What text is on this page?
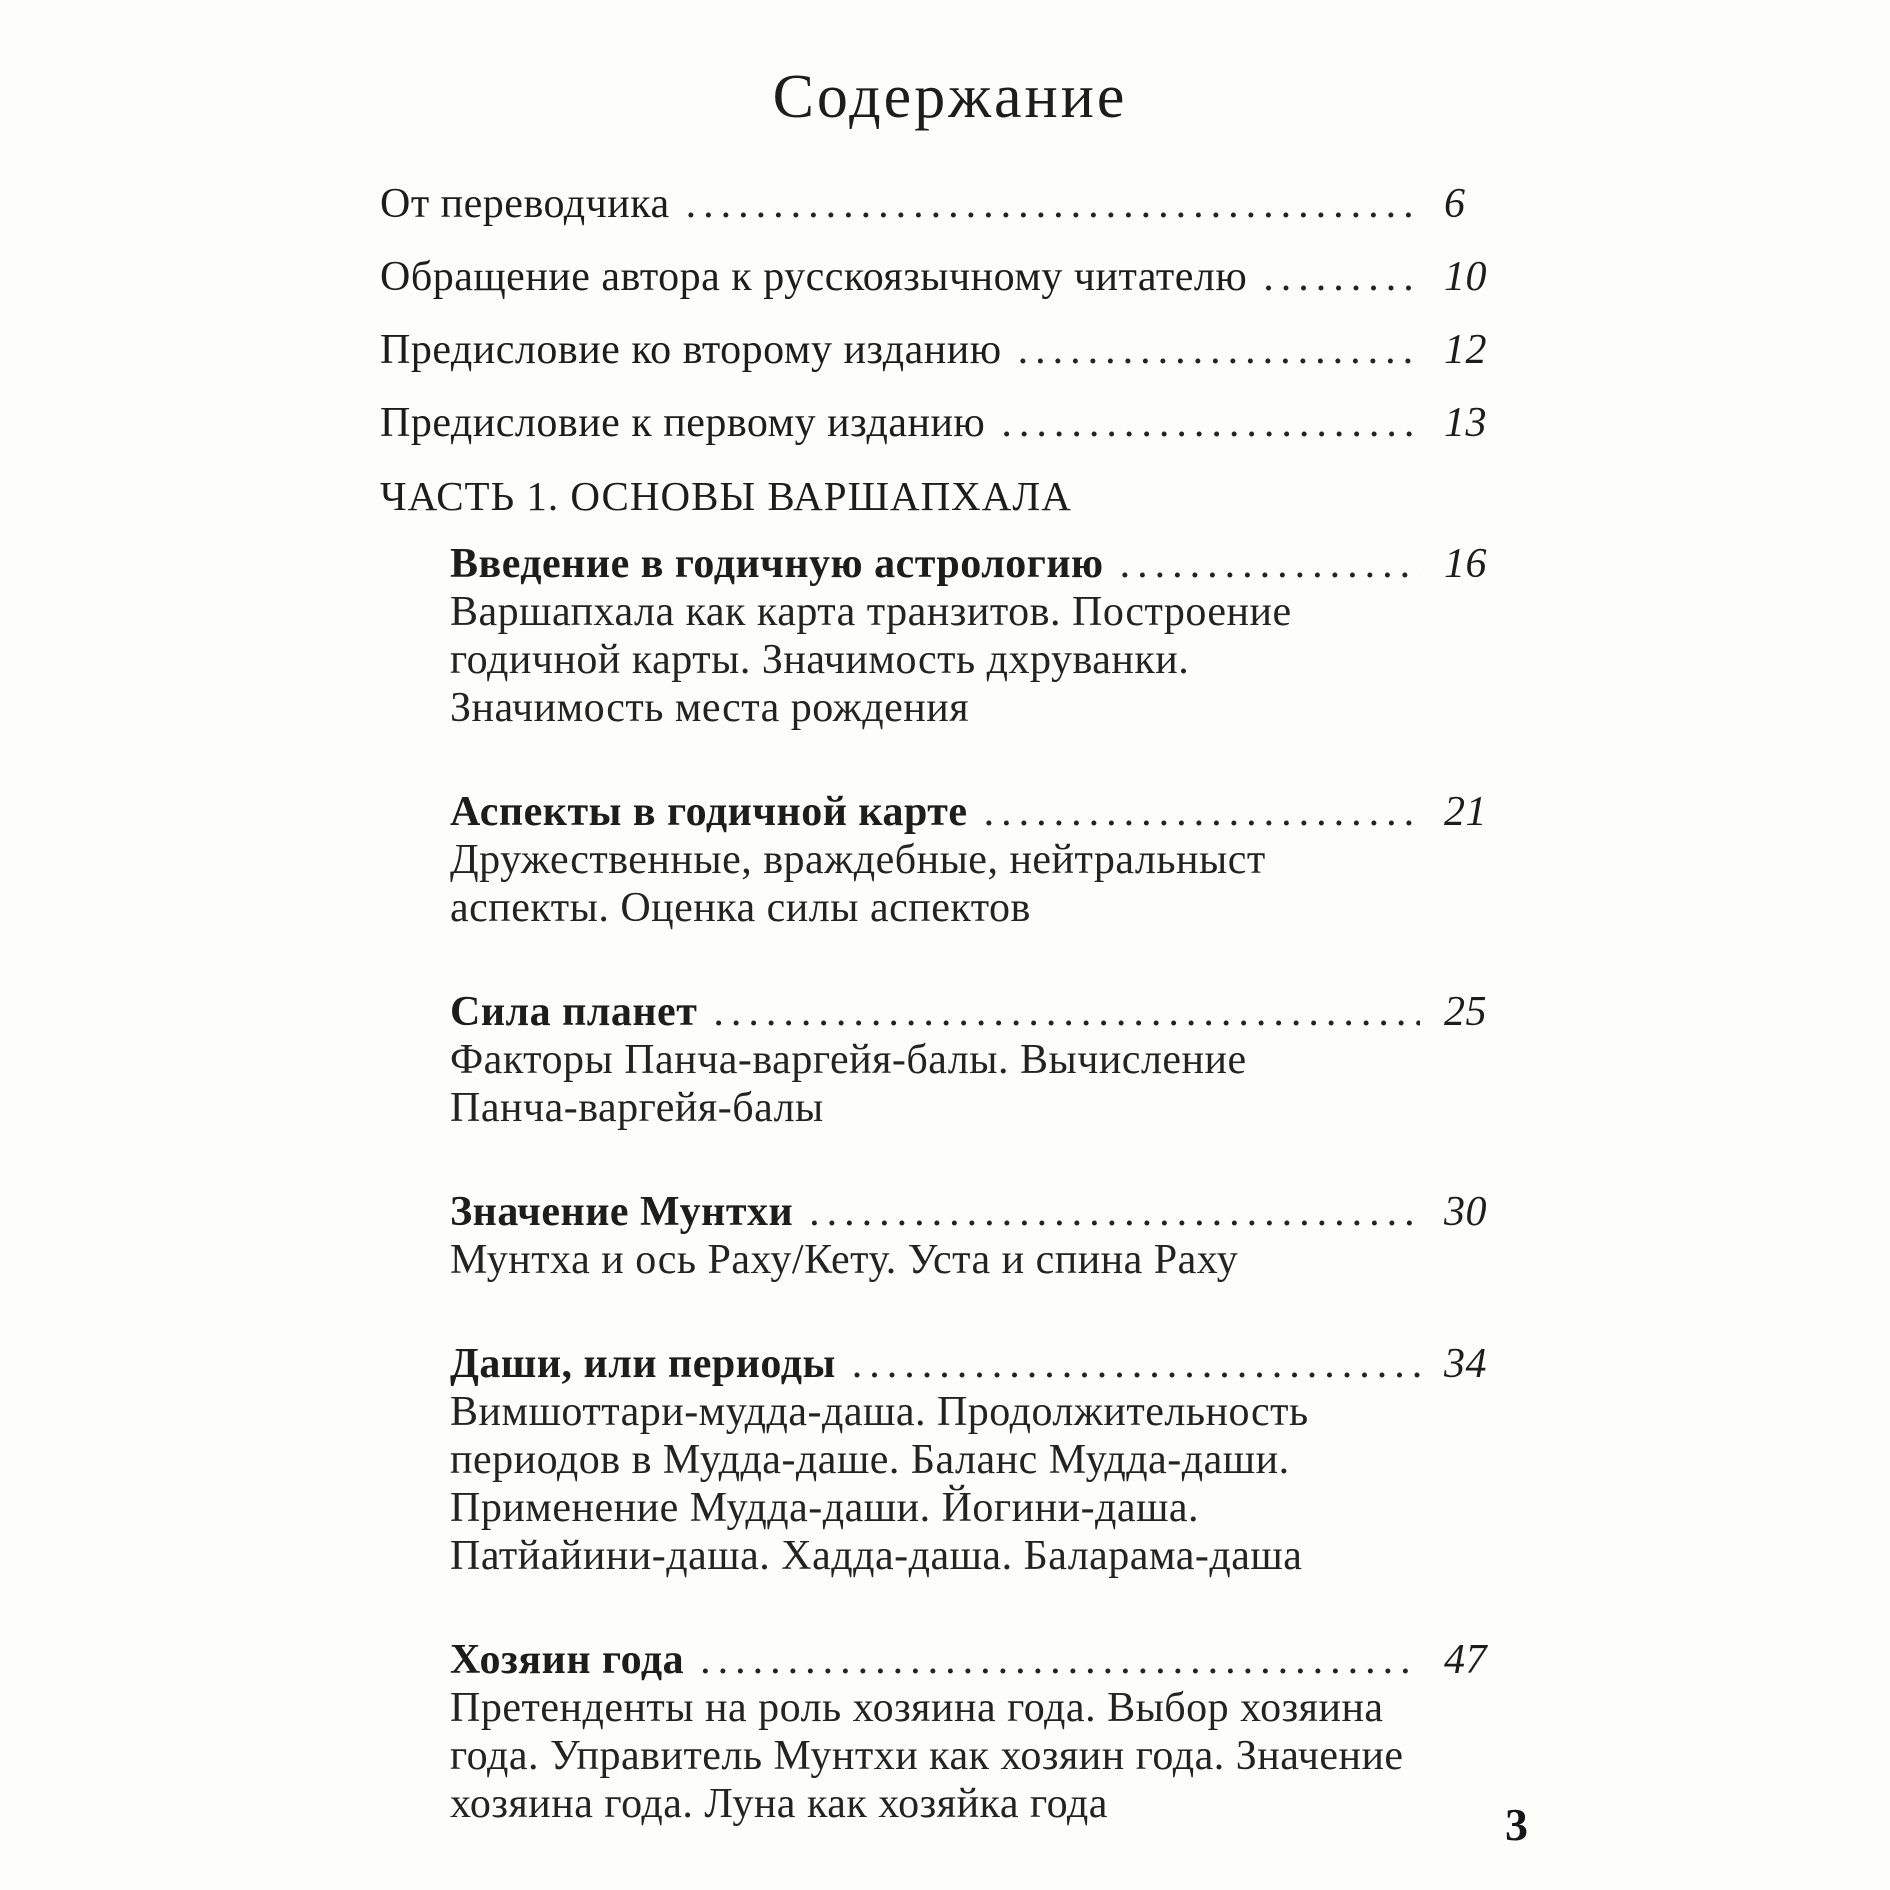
Содержание
От переводчика .....	6
Обращение автора к русскоязычному читателю .....	10
Предисловие ко второму изданию .....	12
Предисловие к первому изданию .....	13
ЧАСТЬ 1. ОСНОВЫ ВАРШАПХАЛА
Введение в годичную астрологию .....	16
Варшапхала как карта транзитов. Построение
годичной карты. Значимость дхруванки.
Значимость места рождения
Аспекты в годичной карте .....	21
Дружественные, враждебные, нейтральныст
аспекты. Оценка силы аспектов
Сила планет .....	25
Факторы Панча-варгейя-балы. Вычисление
Панча-варгейя-балы
Значение Мунтхи .....	30
Мунтха и ось Раху/Кету. Уста и спина Раху
Даши, или периоды .....	34
Вимшоттари-мудда-даша. Продолжительность
периодов в Мудда-даше. Баланс Мудда-даши.
Применение Мудда-даши. Йогини-даша.
Патйайини-даша. Хадда-даша. Баларама-даша
Хозяин года .....	47
Претенденты на роль хозяина года. Выбор хозяина
года. Управитель Мунтхи как хозяин года. Значение
хозяина года. Луна как хозяйка года	3
